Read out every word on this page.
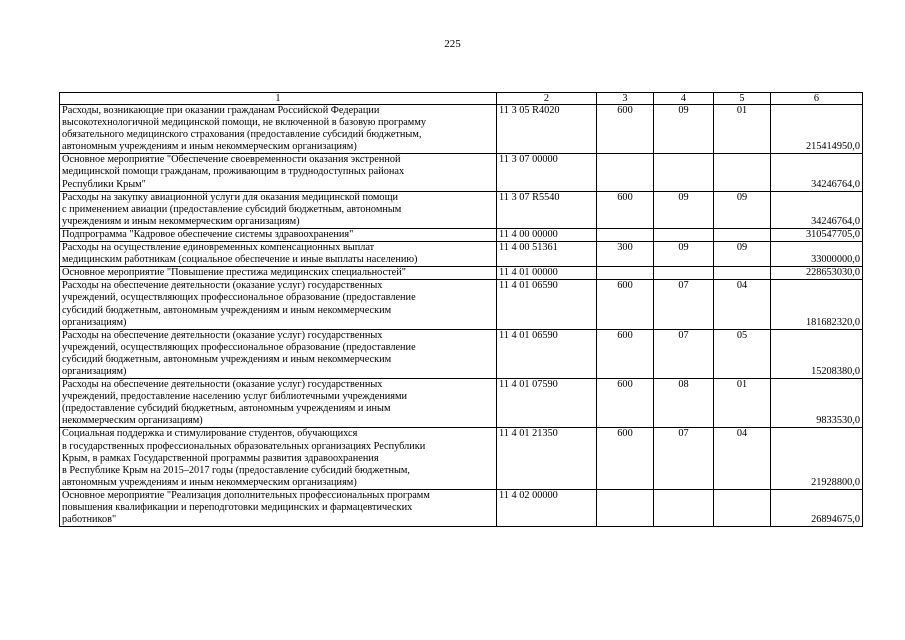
225
1	2	3	4	5	6

Расходы, возникающие при оказании гражданам Российской Федерации
высокотехнологичной медицинской помощи, не включенной в базовую программу
обязательного медицинского страхования (предоставление субсидий бюджетным,
автономным учреждениям и иным некоммерческим организациям)	11 3 05 R4020	600	09	01	215414950,0

Основное мероприятие "Обеспечение своевременности оказания экстренной
медицинской помощи гражданам, проживающим в труднодоступных районах
Республики Крым"	11 3 07 00000				34246764,0

Расходы на закупку авиационной услуги для оказания медицинской помощи
с применением авиации (предоставление субсидий бюджетным, автономным
учреждениям и иным некоммерческим организациям)	11 3 07 R5540	600	09	09	34246764,0

Подпрограмма "Кадровое обеспечение системы здравоохранения"	11 4 00 00000				310547705,0

Расходы на осуществление единовременных компенсационных выплат
медицинским работникам (социальное обеспечение и иные выплаты населению)	11 4 00 51361	300	09	09	33000000,0

Основное мероприятие "Повышение престижа медицинских специальностей"	11 4 01 00000				228653030,0

Расходы на обеспечение деятельности (оказание услуг) государственных
учреждений, осуществляющих профессиональное образование (предоставление
субсидий бюджетным, автономным учреждениям и иным некоммерческим
организациям)	11 4 01 06590	600	07	04	181682320,0

Расходы на обеспечение деятельности (оказание услуг) государственных
учреждений, осуществляющих профессиональное образование (предоставление
субсидий бюджетным, автономным учреждениям и иным некоммерческим
организациям)	11 4 01 06590	600	07	05	15208380,0

Расходы на обеспечение деятельности (оказание услуг) государственных
учреждений, предоставление населению услуг библиотечными учреждениями
(предоставление субсидий бюджетным, автономным учреждениям и иным
некоммерческим организациям)	11 4 01 07590	600	08	01	9833530,0

Социальная поддержка и стимулирование студентов, обучающихся
в государственных профессиональных образовательных организациях Республики
Крым, в рамках Государственной программы развития здравоохранения
в Республике Крым на 2015–2017 годы (предоставление субсидий бюджетным,
автономным учреждениям и иным некоммерческим организациям)	11 4 01 21350	600	07	04	21928800,0

Основное мероприятие "Реализация дополнительных профессиональных программ
повышения квалификации и переподготовки медицинских и фармацевтических
работников"	11 4 02 00000				26894675,0
